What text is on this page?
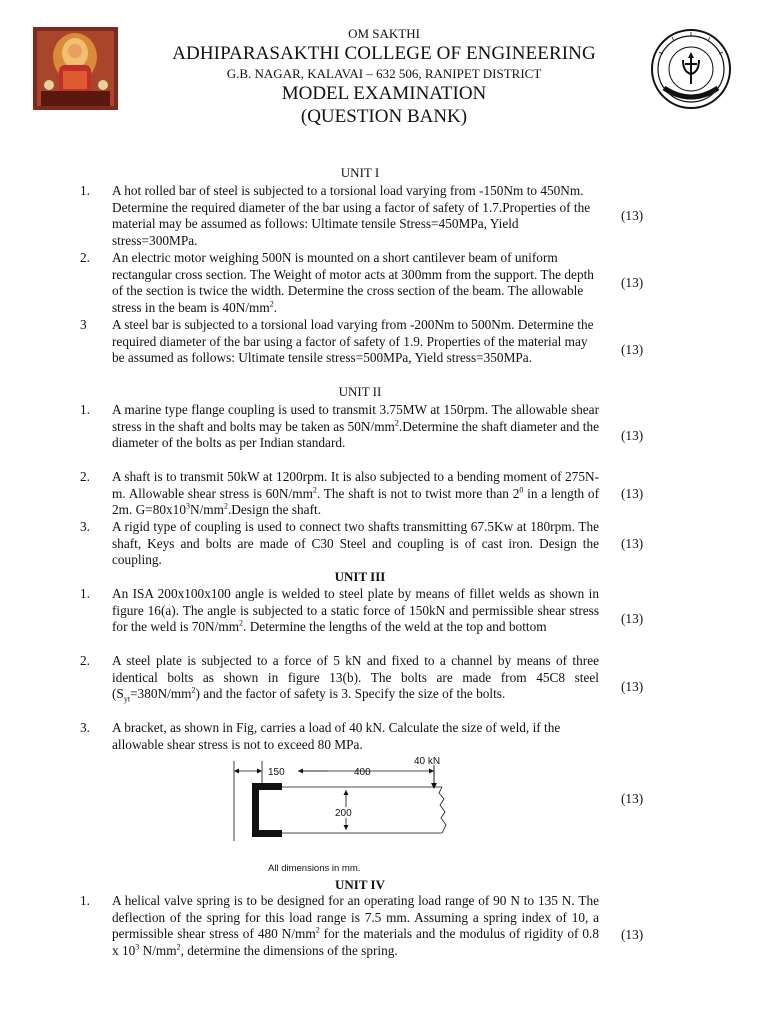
OM SAKTHI
ADHIPARASAKTHI COLLEGE OF ENGINEERING
G.B. NAGAR, KALAVAI – 632 506, RANIPET DISTRICT
MODEL EXAMINATION
(QUESTION BANK)
UNIT I
1.	A hot rolled bar of steel is subjected to a torsional load varying from -150Nm to 450Nm. Determine the required diameter of the bar using a factor of safety of 1.7.Properties of the material may be assumed as follows: Ultimate tensile Stress=450MPa, Yield stress=300MPa.
(13)
2.	An electric motor weighing 500N is mounted on a short cantilever beam of uniform rectangular cross section. The Weight of motor acts at 300mm from the support. The depth of the section is twice the width. Determine the cross section of the beam. The allowable stress in the beam is $40N/mm^2$.
(13)
3	A steel bar is subjected to a torsional load varying from -200Nm to 500Nm. Determine the required diameter of the bar using a factor of safety of 1.9. Properties of the material may be assumed as follows: Ultimate tensile stress=500MPa, Yield stress=350MPa.
(13)
UNIT II
1.	A marine type flange coupling is used to transmit 3.75MW at 150rpm. The allowable shear stress in the shaft and bolts may be taken as $50N/mm^2.Determine$ the shaft diameter and the diameter of the bolts as per Indian standard.	(13)
2.	A shaft is to transmit 50kW at 1200rpm. It is also subjected to a bending moment of 275N-m. Allowable shear stress is $60N/mm^2$. The shaft is not to twist more than $2^0$ in a length of 2m. $G=80x10^3N/mm^2.Design$ the shaft.
(13)
3.	A rigid type of coupling is used to connect two shafts transmitting 67.5Kw at 180rpm. The shaft, Keys and bolts are made of C30 Steel and coupling is of cast iron. Design the coupling.
(13)
UNIT III
1.	An ISA 200x100x100 angle is welded to steel plate by means of fillet welds as shown in figure 16(a). The angle is subjected to a static force of 150kN and permissible shear stress for the weld is $70N/mm^2$. Determine the lengths of the weld at the top and bottom
(13)
2.	A steel plate is subjected to a force of 5 kN and fixed to a channel by means of three identical bolts as shown in figure 13(b). The bolts are made from 45C8 steel $(S_{yt}=380N/mm^2)$ and the factor of safety is 3. Specify the size of the bolts.	(13)
3.	A bracket, as shown in Fig, carries a load of 40 kN. Calculate the size of weld, if the allowable shear stress is not to exceed 80 MPa.
(13)
150	400
40 kN
200
All dimensions in mm.
UNIT IV
1.	A helical valve spring is to be designed for an operating load range of 90 N to 135 N. The deflection of the spring for this load range is 7.5 mm. Assuming a spring index of 10, a permissible shear stress of 480 $N/mm^2$ for the materials and the modulus of rigidity of 0.8 x $10^3$ $N/mm^2$, determine the dimensions of the spring.
(13)
